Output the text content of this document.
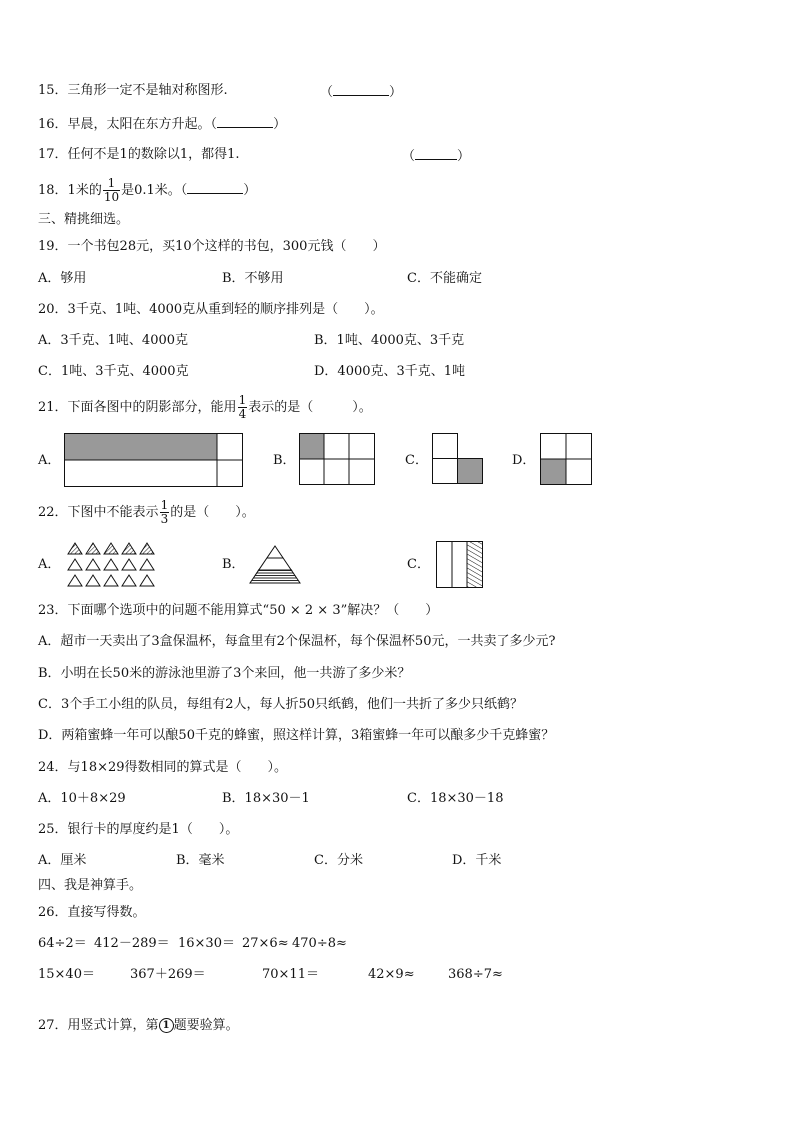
15．三角形一定不是轴对称图形.	（	）
16．早晨，太阳在东方升起。（	）
17．任何不是1的数除以1，都得1.	（	）
18．1米的 $\frac{1}{10}$ 是0.1米。（	）
三、精挑细选。
19．一个书包28元，买10个这样的书包，300元钱（　　）
A．够用	B．不够用	C．不能确定
20．3千克、1吨、4000克从重到轻的顺序排列是（　　）。
A．3千克、1吨、4000克	B．1吨、4000克、3千克
C．1吨、3千克、4000克	D．4000克、3千克、1吨
21．下面各图中的阴影部分，能用 $\frac{1}{4}$ 表示的是（　　　）。
A．	B．	C．	D．
22．下图中不能表示 $\frac{1}{3}$ 的是（　　）。
A．	B．	C．
23．下面哪个选项中的问题不能用算式“50 × 2 × 3”解决？（　　）
A．超市一天卖出了3盒保温杯，每盒里有2个保温杯，每个保温杯50元，一共卖了多少元?
B．小明在长50米的游泳池里游了3个来回，他一共游了多少米？
C．3个手工小组的队员，每组有2人，每人折50只纸鹤，他们一共折了多少只纸鹤？
D．两箱蜜蜂一年可以酿50千克的蜂蜜，照这样计算，3箱蜜蜂一年可以酿多少千克蜂蜜？
24．与18×29得数相同的算式是（　　）。
A．10＋8×29	B．18×30－1	C．18×30－18
25．银行卡的厚度约是1（　　）。
A．厘米	B．毫米	C．分米	D．千米
四、我是神算手。
26．直接写得数。
64÷2＝ 412－289＝ 16×30＝ 27×6≈ 470÷8≈
15×40＝	367＋269＝	70×11＝	42×9≈	368÷7≈
27．用竖式计算，第 1 题要验算。
